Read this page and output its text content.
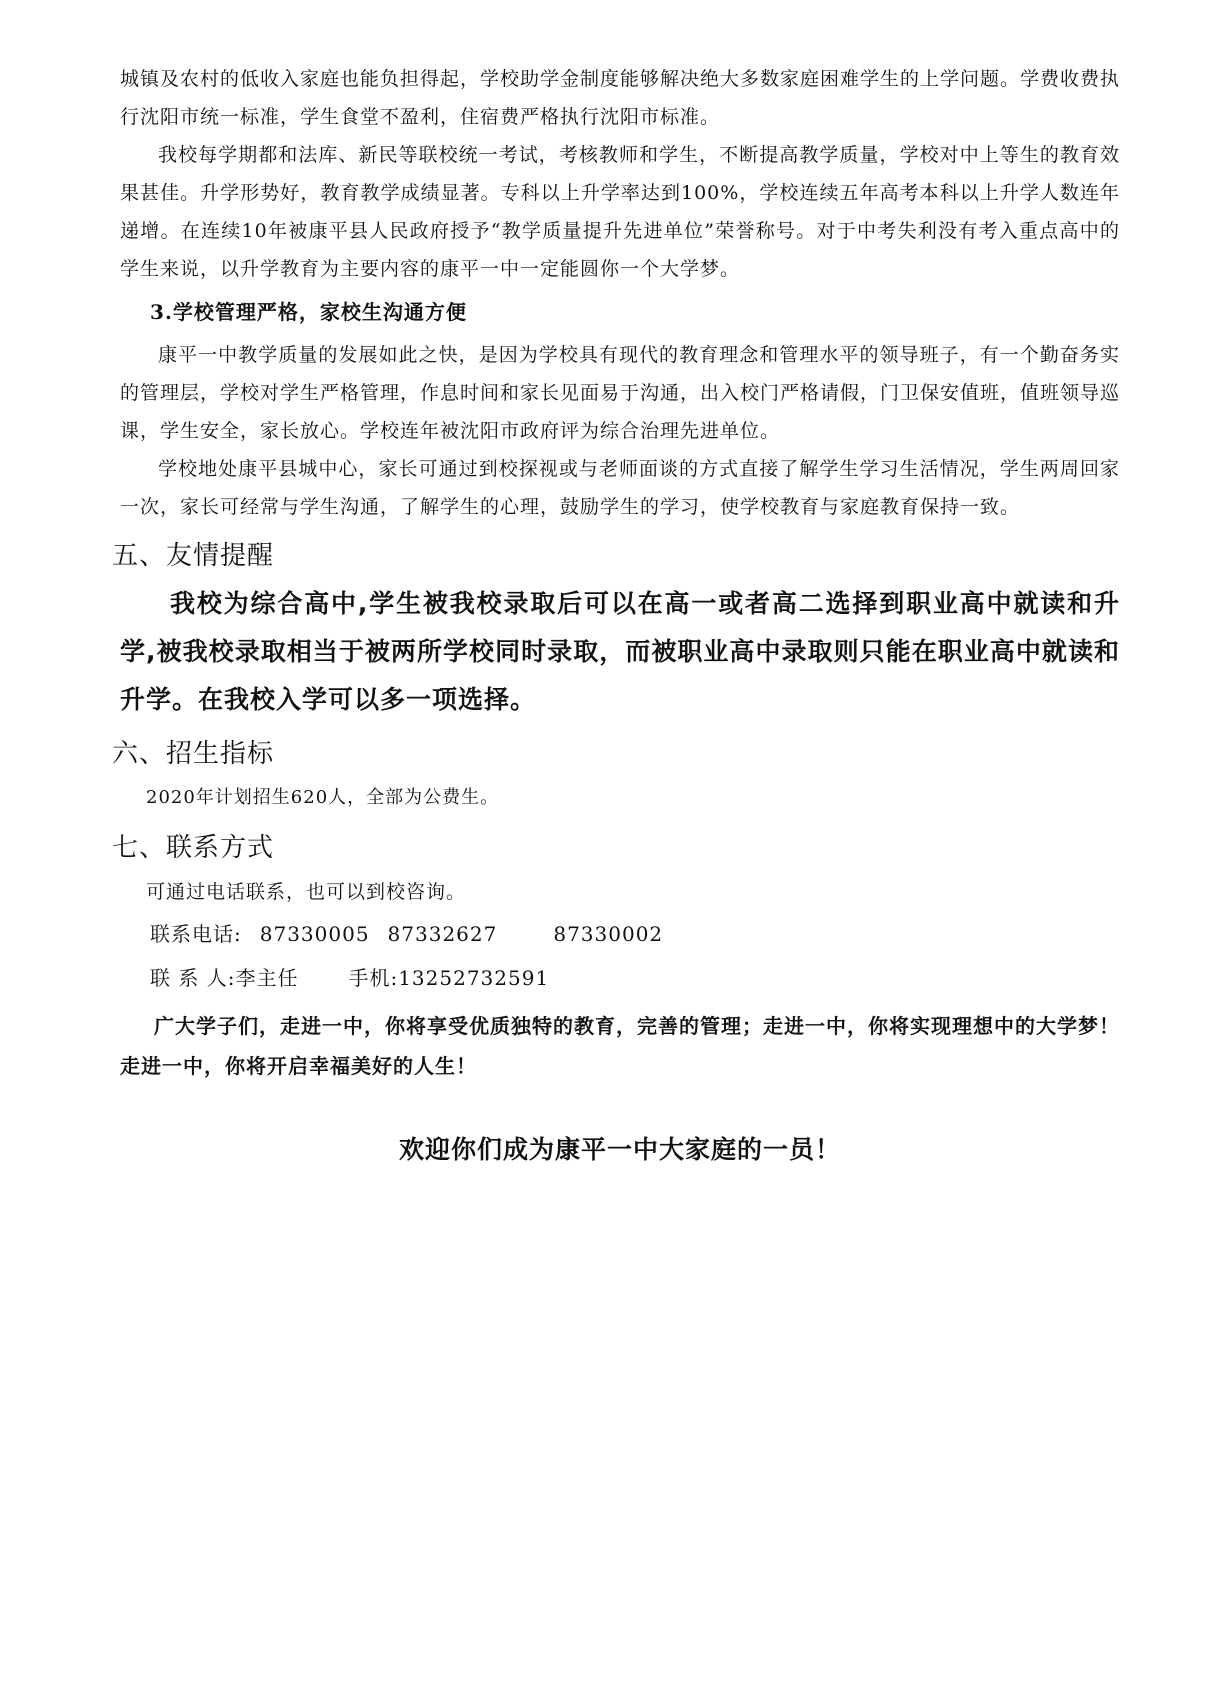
城镇及农村的低收入家庭也能负担得起，学校助学金制度能够解决绝大多数家庭困难学生的上学问题。学费收费执行沈阳市统一标准，学生食堂不盈利，住宿费严格执行沈阳市标准。

我校每学期都和法库、新民等联校统一考试，考核教师和学生，不断提高教学质量，学校对中上等生的教育效果甚佳。升学形势好，教育教学成绩显著。专科以上升学率达到100%，学校连续五年高考本科以上升学人数连年递增。在连续10年被康平县人民政府授予“教学质量提升先进单位”荣誉称号。对于中考失利没有考入重点高中的学生来说，以升学教育为主要内容的康平一中一定能圆你一个大学梦。

3.学校管理严格，家校生沟通方便

康平一中教学质量的发展如此之快，是因为学校具有现代的教育理念和管理水平的领导班子，有一个勤奋务实的管理层，学校对学生严格管理，作息时间和家长见面易于沟通，出入校门严格请假，门卫保安值班，值班领导巡课，学生安全，家长放心。学校连年被沈阳市政府评为综合治理先进单位。

学校地处康平县城中心，家长可通过到校探视或与老师面谈的方式直接了解学生学习生活情况，学生两周回家一次，家长可经常与学生沟通，了解学生的心理，鼓励学生的学习，使学校教育与家庭教育保持一致。

五、友情提醒

我校为综合高中,学生被我校录取后可以在高一或者高二选择到职业高中就读和升学,被我校录取相当于被两所学校同时录取，而被职业高中录取则只能在职业高中就读和升学。在我校入学可以多一项选择。

六、招生指标

2020年计划招生620人，全部为公费生。

七、联系方式

可通过电话联系，也可以到校咨询。

联系电话: 87330005 87332627	87330002

联 系 人:李主任	手机:13252732591

广大学子们，走进一中，你将享受优质独特的教育，完善的管理；走进一中，你将实现理想中的大学梦！走进一中，你将开启幸福美好的人生！

欢迎你们成为康平一中大家庭的一员！
